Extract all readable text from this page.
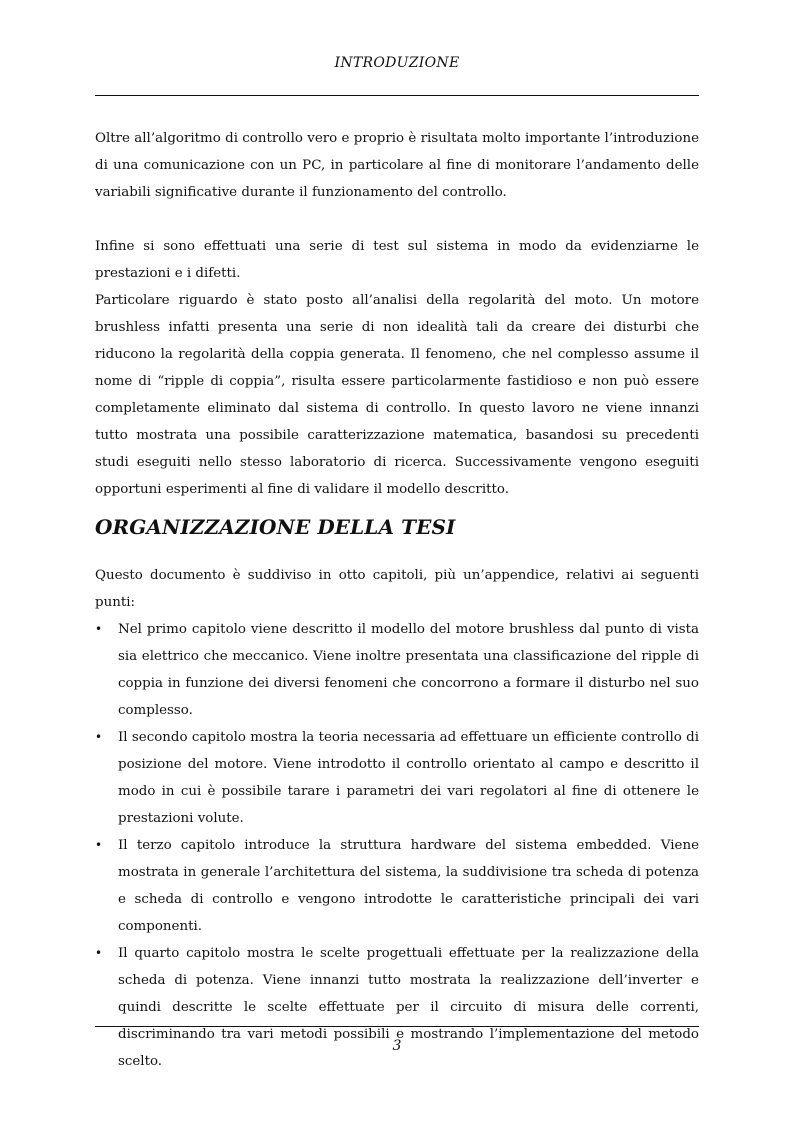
INTRODUZIONE

Oltre all’algoritmo di controllo vero e proprio è risultata molto importante l’introduzione di una comunicazione con un PC, in particolare al fine di monitorare l’andamento delle variabili significative durante il funzionamento del controllo.

Infine si sono effettuati una serie di test sul sistema in modo da evidenziarne le prestazioni e i difetti.

Particolare riguardo è stato posto all’analisi della regolarità del moto. Un motore brushless infatti presenta una serie di non idealità tali da creare dei disturbi che riducono la regolarità della coppia generata. Il fenomeno, che nel complesso assume il nome di “ripple di coppia”, risulta essere particolarmente fastidioso e non può essere completamente eliminato dal sistema di controllo. In questo lavoro ne viene innanzi tutto mostrata una possibile caratterizzazione matematica, basandosi su precedenti studi eseguiti nello stesso laboratorio di ricerca. Successivamente vengono eseguiti opportuni esperimenti al fine di validare il modello descritto.

ORGANIZZAZIONE DELLA TESI

Questo documento è suddiviso in otto capitoli, più un’appendice, relativi ai seguenti punti:

• Nel primo capitolo viene descritto il modello del motore brushless dal punto di vista sia elettrico che meccanico. Viene inoltre presentata una classificazione del ripple di coppia in funzione dei diversi fenomeni che concorrono a formare il disturbo nel suo complesso.
• Il secondo capitolo mostra la teoria necessaria ad effettuare un efficiente controllo di posizione del motore. Viene introdotto il controllo orientato al campo e descritto il modo in cui è possibile tarare i parametri dei vari regolatori al fine di ottenere le prestazioni volute.
• Il terzo capitolo introduce la struttura hardware del sistema embedded. Viene mostrata in generale l’architettura del sistema, la suddivisione tra scheda di potenza e scheda di controllo e vengono introdotte le caratteristiche principali dei vari componenti.
• Il quarto capitolo mostra le scelte progettuali effettuate per la realizzazione della scheda di potenza. Viene innanzi tutto mostrata la realizzazione dell’inverter e quindi descritte le scelte effettuate per il circuito di misura delle correnti, discriminando tra vari metodi possibili e mostrando l’implementazione del metodo scelto.
3
